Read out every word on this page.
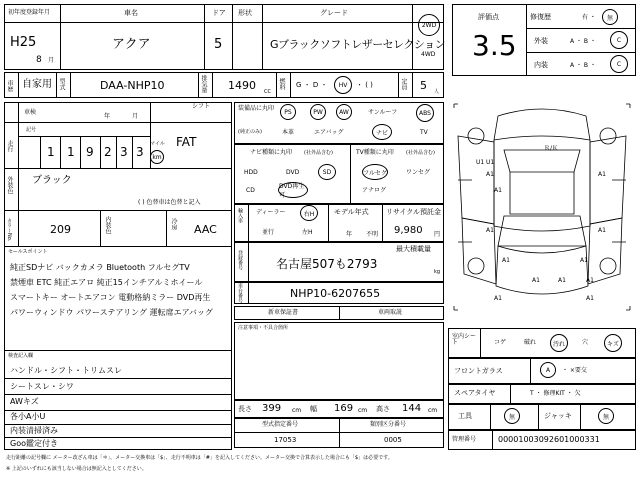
初年度登録年月
H25
8 月
車名
アクア
ドア
5
形状	グレード
Gブラックソフトレザーセレクション
2WD
4WD
車歴 自家用 型式	DAA-NHP10	排気量 1490 CC
燃料 G ・ D ・	HV	・ ( )	定員 5 人
評価点
3.5
修復歴	有 ・	無
外装	A ・ B ・	C
内装	A ・ B ・	C
車検
年	月
シフト
FAT
走行
記号
1 1 9 2 3 3
マイル
km
外装色 ブラック
( ) 色替車は色替と記入
カラーNo.	209	内装色	冷房 AAC
セールスポイント
純正SDナビ バックカメラ Bluetooth フルセグTV
禁煙車 ETC 純正エアロ 純正15インチアルミホイール
スマートキー オートエアコン 電動格納ミラー DVD再生
パワーウィンドウ パワーステアリング 運転席エアバッグ
検査記入欄
ハンドル・シフト・トリムスレ
シートスレ・シワ
AWキズ
各小A小U
内装清掃済み
Goo鑑定付き
装備品に丸印
(純正のみ)
PS	PW	AW	サンルーフ	ABS
本革	エアバッグ	ナビ	TV
ナビ種類に丸印 (社外品含む)
HDD	DVD	SD
CD
DVD再生可
TV種類に丸印 (社外品含む)
フルセグ	ワンセグ
アナログ
輸入車 ディーラー	右H
並行	左H
モデル年式
年 不明
リサイクル預託金
9,980 円
登録番号
最大積載量
名古屋507も2793
kg
車台番号	NHP10-6207655
新車保証書	車両取説
注意事項・不具合箇所
長さ 399 cm 幅 169 cm 高さ 144 cm
型式指定番号
17053
類別区分番号
0005
U1
A1
U1
A1
A1
A1	A1
A1	A1	A1
A1	A1
A1	A1
Ｒ/Ｋ
室内シート	コゲ	破れ	汚れ	穴	キズ
フロントガラス	A	・ ×要交
スペアタイヤ	T ・ 修理KIT ・ 欠
工具	無	ジャッキ	無
管理番号	00001003092601000331
走行距離の記号欄に メーター改ざん車は「＊」、メーター交換車は「$」、走行不明車は「#」を記入してください。メーター交換で合算表示した場合にも「$」は必要です。
※ 上記のいずれにも該当しない場合は無記入としてください。
